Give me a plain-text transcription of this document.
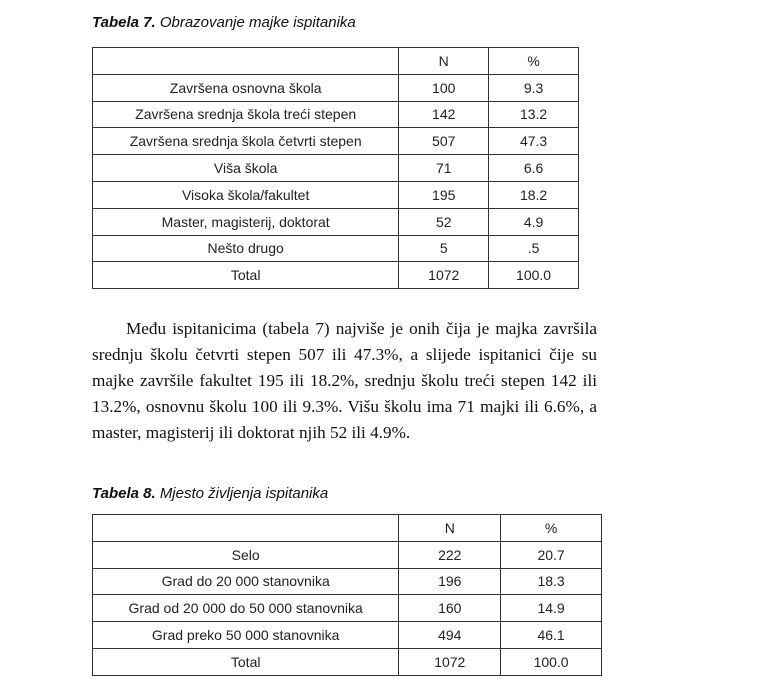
Tabela 7. Obrazovanje majke ispitanika
	N	%
Završena osnovna škola	100	9.3
Završena srednja škola treći stepen	142	13.2
Završena srednja škola četvrti stepen	507	47.3
Viša škola	71	6.6
Visoka škola/fakultet	195	18.2
Master, magisterij, doktorat	52	4.9
Nešto drugo	5	.5
Total	1072	100.0

Među ispitanicima (tabela 7) najviše je onih čija je majka završila srednju školu četvrti stepen 507 ili 47.3%, a slijede ispitanici čije su majke završile fakultet 195 ili 18.2%, srednju školu treći stepen 142 ili 13.2%, osnovnu školu 100 ili 9.3%. Višu školu ima 71 majki ili 6.6%, a master, magisterij ili doktorat njih 52 ili 4.9%.

Tabela 8. Mjesto življenja ispitanika
	N	%
Selo	222	20.7
Grad do 20 000 stanovnika	196	18.3
Grad od 20 000 do 50 000 stanovnika	160	14.9
Grad preko 50 000 stanovnika	494	46.1
Total	1072	100.0
